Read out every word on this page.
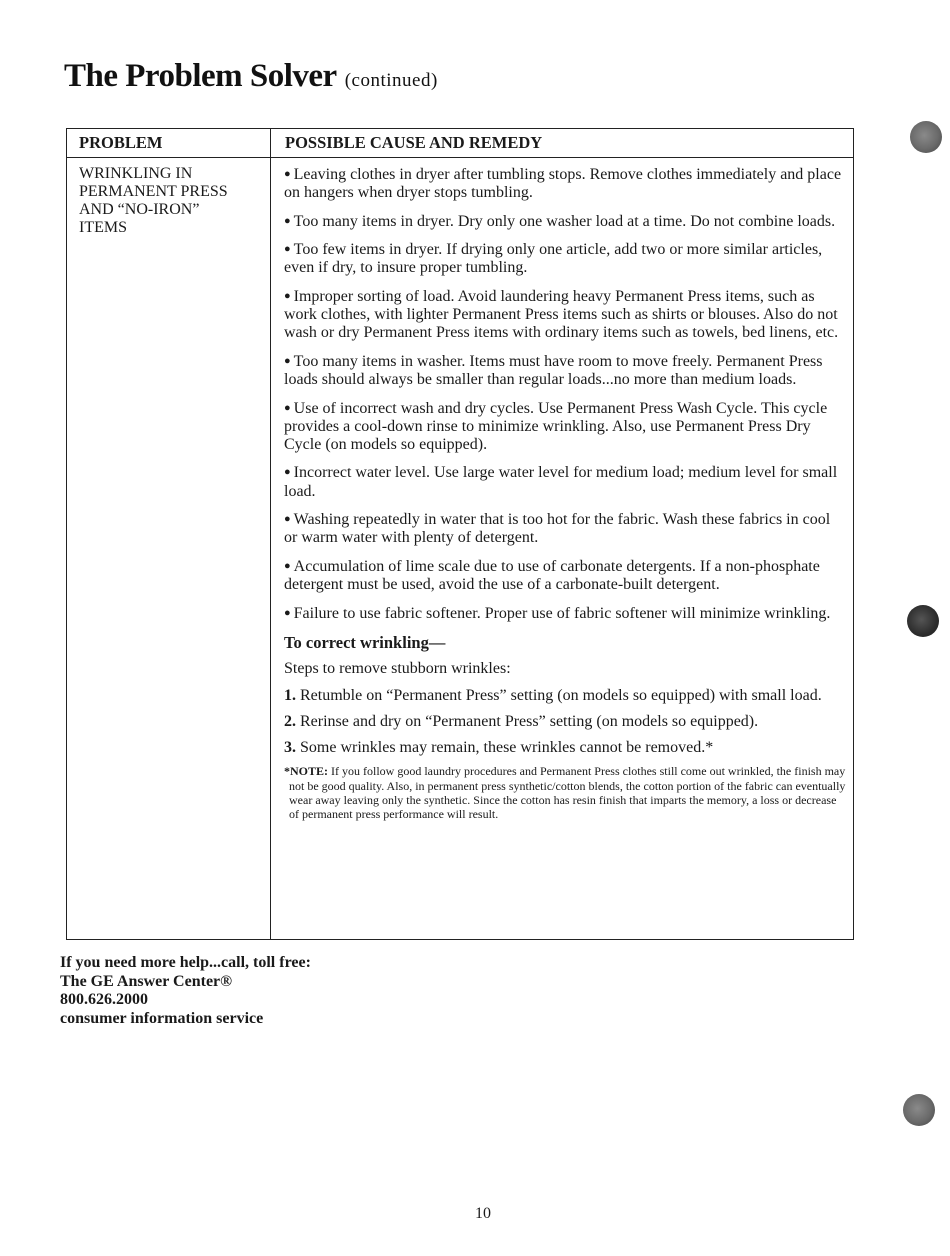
The Problem Solver (continued)
PROBLEM	POSSIBLE CAUSE AND REMEDY
WRINKLING IN
PERMANENT PRESS
AND “NO-IRON”
ITEMS

● Leaving clothes in dryer after tumbling stops. Remove clothes immediately and place on hangers when dryer stops tumbling.

● Too many items in dryer. Dry only one washer load at a time. Do not combine loads.

● Too few items in dryer. If drying only one article, add two or more similar articles, even if dry, to insure proper tumbling.

● Improper sorting of load. Avoid laundering heavy Permanent Press items, such as work clothes, with lighter Permanent Press items such as shirts or blouses. Also do not wash or dry Permanent Press items with ordinary items such as towels, bed linens, etc.

● Too many items in washer. Items must have room to move freely. Permanent Press loads should always be smaller than regular loads...no more than medium loads.

● Use of incorrect wash and dry cycles. Use Permanent Press Wash Cycle. This cycle provides a cool-down rinse to minimize wrinkling. Also, use Permanent Press Dry Cycle (on models so equipped).

● Incorrect water level. Use large water level for medium load; medium level for small load.

● Washing repeatedly in water that is too hot for the fabric. Wash these fabrics in cool or warm water with plenty of detergent.

● Accumulation of lime scale due to use of carbonate detergents. If a non-phosphate detergent must be used, avoid the use of a carbonate-built detergent.

● Failure to use fabric softener. Proper use of fabric softener will minimize wrinkling.

To correct wrinkling—

Steps to remove stubborn wrinkles:

1. Retumble on “Permanent Press” setting (on models so equipped) with small load.

2. Rerinse and dry on “Permanent Press” setting (on models so equipped).

3. Some wrinkles may remain, these wrinkles cannot be removed.*

*NOTE: If you follow good laundry procedures and Permanent Press clothes still come out wrinkled, the finish may not be good quality. Also, in permanent press synthetic/cotton blends, the cotton portion of the fabric can eventually wear away leaving only the synthetic. Since the cotton has resin finish that imparts the memory, a loss or decrease of permanent press performance will result.

If you need more help...call, toll free:
The GE Answer Center®
800.626.2000
consumer information service
10
